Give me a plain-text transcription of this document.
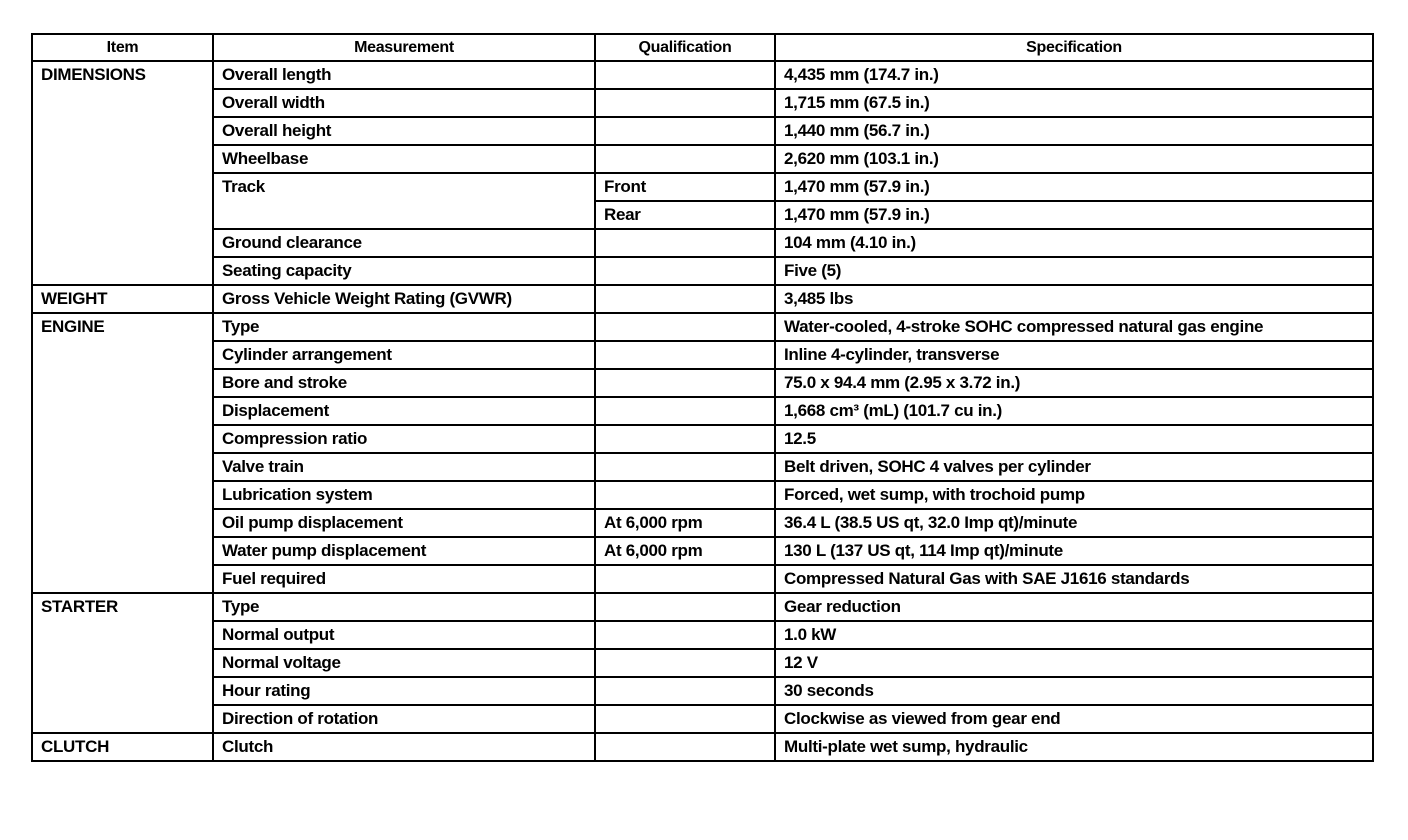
Item	Measurement	Qualification	Specification
DIMENSIONS	Overall length		4,435 mm (174.7 in.)
	Overall width		1,715 mm (67.5 in.)
	Overall height		1,440 mm (56.7 in.)
	Wheelbase		2,620 mm (103.1 in.)
	Track	Front	1,470 mm (57.9 in.)
		Rear	1,470 mm (57.9 in.)
	Ground clearance		104 mm (4.10 in.)
	Seating capacity		Five (5)
WEIGHT	Gross Vehicle Weight Rating (GVWR)		3,485 lbs
ENGINE	Type		Water-cooled, 4-stroke SOHC compressed natural gas engine
	Cylinder arrangement		Inline 4-cylinder, transverse
	Bore and stroke		75.0 x 94.4 mm (2.95 x 3.72 in.)
	Displacement		1,668 cm³ (mL) (101.7 cu in.)
	Compression ratio		12.5
	Valve train		Belt driven, SOHC 4 valves per cylinder
	Lubrication system		Forced, wet sump, with trochoid pump
	Oil pump displacement	At 6,000 rpm	36.4 L (38.5 US qt, 32.0 Imp qt)/minute
	Water pump displacement	At 6,000 rpm	130 L (137 US qt, 114 Imp qt)/minute
	Fuel required		Compressed Natural Gas with SAE J1616 standards
STARTER	Type		Gear reduction
	Normal output		1.0 kW
	Normal voltage		12 V
	Hour rating		30 seconds
	Direction of rotation		Clockwise as viewed from gear end
CLUTCH	Clutch		Multi-plate wet sump, hydraulic
